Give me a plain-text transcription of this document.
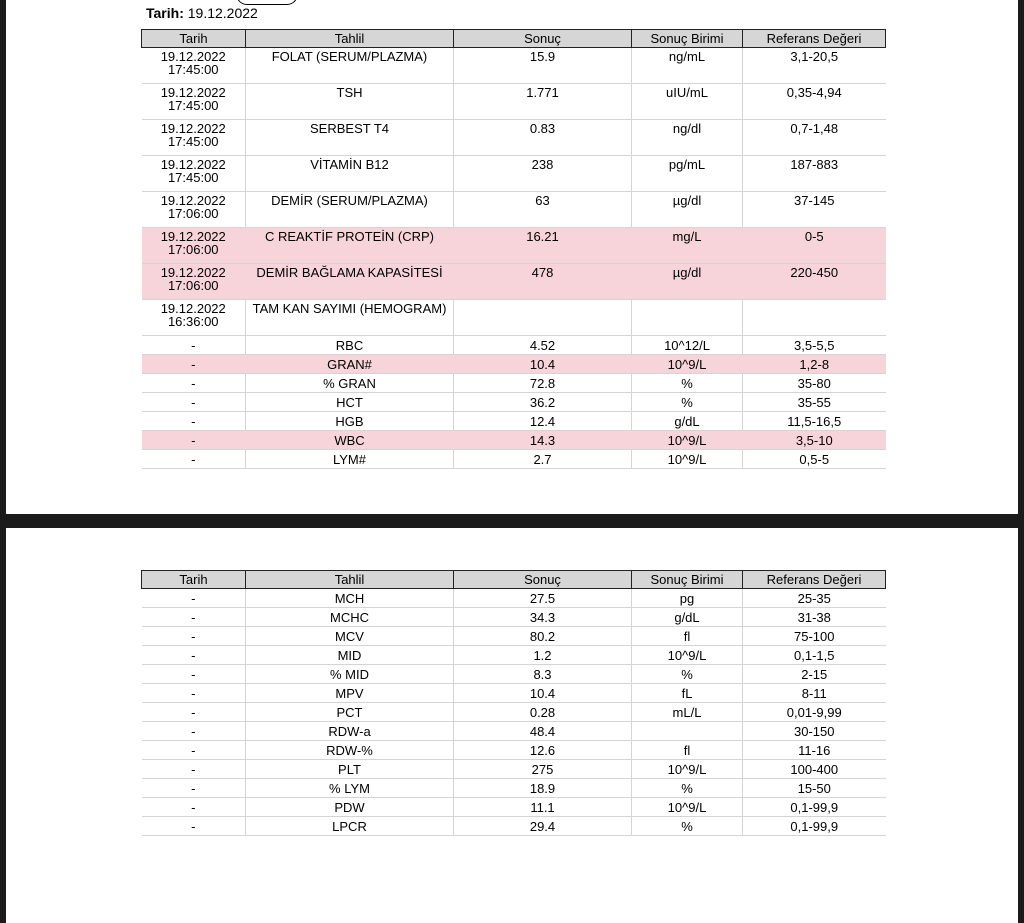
Tarih: 19.12.2022
Tarih	Tahlil	Sonuç	Sonuç Birimi	Referans Değeri

19.12.2022
17:45:00	FOLAT (SERUM/PLAZMA)	15.9	ng/mL	3,1-20,5

19.12.2022
17:45:00	TSH	1.771	uIU/mL	0,35-4,94

19.12.2022
17:45:00	SERBEST T4	0.83	ng/dl	0,7-1,48

19.12.2022
17:45:00	VİTAMİN B12	238	pg/mL	187-883

19.12.2022
17:06:00	DEMİR (SERUM/PLAZMA)	63	µg/dl	37-145

19.12.2022
17:06:00	C REAKTİF PROTEİN (CRP)	16.21	mg/L	0-5

19.12.2022
17:06:00	DEMİR BAĞLAMA KAPASİTESİ	478	µg/dl	220-450

19.12.2022
16:36:00	TAM KAN SAYIMI (HEMOGRAM)			

-	RBC	4.52	10^12/L	3,5-5,5

-	GRAN#	10.4	10^9/L	1,2-8

-	% GRAN	72.8	%	35-80

-	HCT	36.2	%	35-55

-	HGB	12.4	g/dL	11,5-16,5

-	WBC	14.3	10^9/L	3,5-10

-	LYM#	2.7	10^9/L	0,5-5
Tarih	Tahlil	Sonuç	Sonuç Birimi	Referans Değeri
-	MCH	27.5	pg	25-35
-	MCHC	34.3	g/dL	31-38
-	MCV	80.2	fl	75-100
-	MID	1.2	10^9/L	0,1-1,5
-	% MID	8.3	%	2-15
-	MPV	10.4	fL	8-11
-	PCT	0.28	mL/L	0,01-9,99
-	RDW-a	48.4		30-150
-	RDW-%	12.6	fl	11-16
-	PLT	275	10^9/L	100-400
-	% LYM	18.9	%	15-50
-	PDW	11.1	10^9/L	0,1-99,9
-	LPCR	29.4	%	0,1-99,9
